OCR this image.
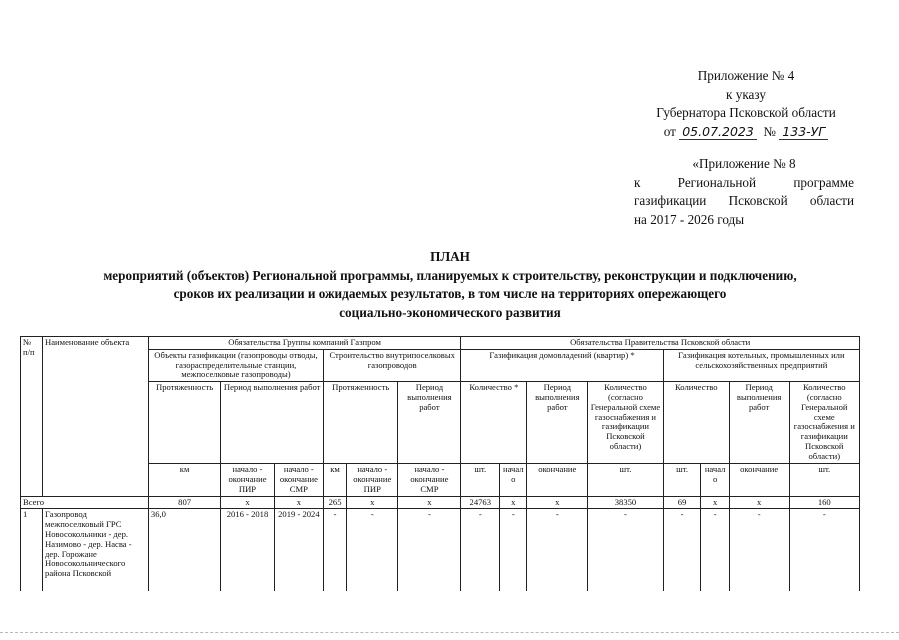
Приложение № 4
к указу
Губернатора Псковской области
от 05.07.2023 № 133-УГ
«Приложение № 8
к Региональной программе
газификации Псковской области
на 2017 - 2026 годы
ПЛАН
мероприятий (объектов) Региональной программы, планируемых к строительству, реконструкции и подключению,
сроков их реализации и ожидаемых результатов, в том числе на территориях опережающего
социально-экономического развития
№ п/п	Наименование объекта	Обязательства Группы компаний Газпром						Обязательства Правительства Псковской области							
		Объекты газификации (газопроводы отводы, газораспределительные станции, межпоселковые газопроводы)			Строительство внутрипоселковых газопроводов			Газификация домовладений (квартир) *				Газификация котельных, промышленных или сельскохозяйственных предприятий			
		Протяженность	Период выполнения работ		Протяженность		Период выполнения работ	Количество *		Период выполнения работ	Количество (согласно Генеральной схеме газоснабжения и газификации Псковской области)	Количество		Период выполнения работ	Количество (согласно Генеральной схеме газоснабжения и газификации Псковской области)
		км	начало - окончание ПИР	начало - окончание СМР	км	начало - окончание ПИР	начало - окончание СМР	шт.	начало	окончание	шт.	шт.	начало	окончание	шт.
Всего		807	х	х	265	х	х	24763	х	х	38350	69	х	х	160
1	Газопровод межпоселковый ГРС Новосокольники - дер. Назимово - дер. Насва - дер. Горожане Новосокольнического района Псковской	36,0	2016 - 2018	2019 - 2024	-	-	-	-	-	-	-	-	-	-	-
